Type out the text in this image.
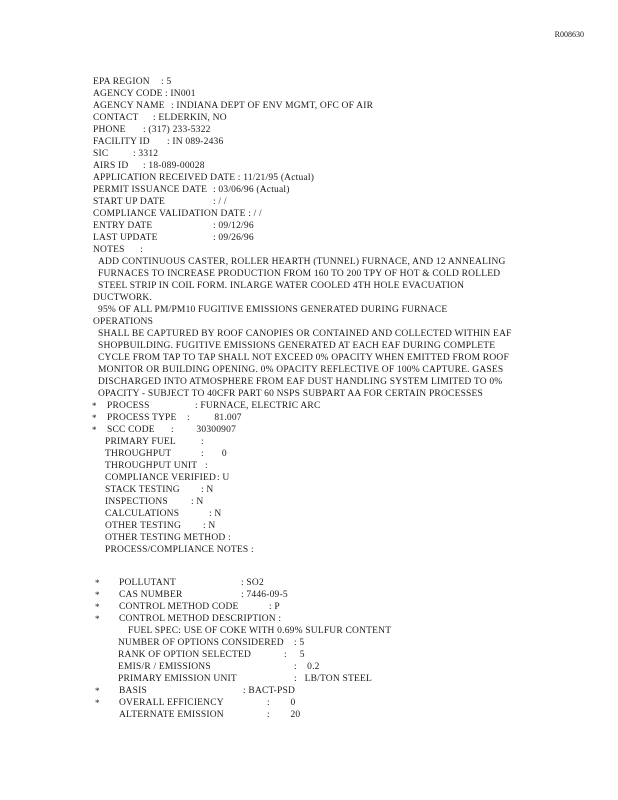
R008630
EPA REGION : 5
AGENCY CODE : IN001
AGENCY NAME : INDIANA DEPT OF ENV MGMT, OFC OF AIR
CONTACT : ELDERKIN, NO
PHONE : (317) 233-5322
FACILITY ID : IN 089-2436
SIC	: 3312
AIRS ID : 18-089-00028
APPLICATION RECEIVED DATE : 11/21/95 (Actual)
PERMIT ISSUANCE DATE : 03/06/96 (Actual)
START UP DATE	: / /
COMPLIANCE VALIDATION DATE : / /
ENTRY DATE	: 09/12/96
LAST UPDATE	: 09/26/96
NOTES      :
ADD CONTINUOUS CASTER, ROLLER HEARTH (TUNNEL) FURNACE, AND 12 ANNEALING
FURNACES TO INCREASE PRODUCTION FROM 160 TO 200 TPY OF HOT & COLD ROLLED
STEEL STRIP IN COIL FORM. INLARGE WATER COOLED 4TH HOLE EVACUATION
DUCTWORK.
95% OF ALL PM/PM10 FUGITIVE EMISSIONS GENERATED DURING FURNACE
OPERATIONS
SHALL BE CAPTURED BY ROOF CANOPIES OR CONTAINED AND COLLECTED WITHIN EAF
SHOPBUILDING. FUGITIVE EMISSIONS GENERATED AT EACH EAF DURING COMPLETE
CYCLE FROM TAP TO TAP SHALL NOT EXCEED 0% OPACITY WHEN EMITTED FROM ROOF
MONITOR OR BUILDING OPENING. 0% OPACITY REFLECTIVE OF 100% CAPTURE. GASES
DISCHARGED INTO ATMOSPHERE FROM EAF DUST HANDLING SYSTEM LIMITED TO 0%
OPACITY - SUBJECT TO 40CFR PART 60 NSPS SUBPART AA FOR CERTAIN PROCESSES
* PROCESS	: FURNACE, ELECTRIC ARC
* PROCESS TYPE : 81.007
* SCC CODE : 30300907
PRIMARY FUEL	:
THROUGHPUT	:       0
THROUGHPUT UNIT :
COMPLIANCE VERIFIED: U
STACK TESTING : N
INSPECTIONS : N
CALCULATIONS	: N
OTHER TESTING : N
OTHER TESTING METHOD :
PROCESS/COMPLIANCE NOTES :
* POLLUTANT	: SO2
* CAS NUMBER	: 7446-09-5
* CONTROL METHOD CODE	: P
* CONTROL METHOD DESCRIPTION :
FUEL SPEC: USE OF COKE WITH 0.69% SULFUR CONTENT
NUMBER OF OPTIONS CONSIDERED : 5
RANK OF OPTION SELECTED	:     5
EMIS/R / EMISSIONS	:    0.2
PRIMARY EMISSION UNIT	:   LB/TON STEEL
* BASIS	: BACT-PSD
* OVERALL EFFICIENCY	:        0
ALTERNATE EMISSION	:        20
